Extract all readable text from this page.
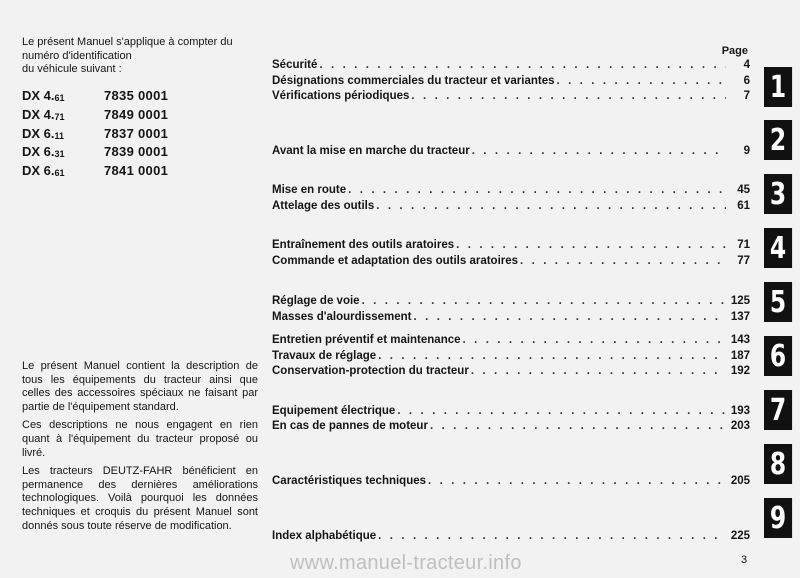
Le présent Manuel s'applique à compter du
numéro d'identification
du véhicule suivant :
DX $4._{61}$	7835 0001
DX $4._{71}$	7849 0001
DX $6._{11}$	7837 0001
DX $6._{31}$	7839 0001
DX $6._{61}$	7841 0001

Le présent Manuel contient la description de tous les équipements du tracteur ainsi que celles des accessoires spéciaux ne faisant par partie de l'équipement standard.

Ces descriptions ne nous engagent en rien quant à l'équipement du tracteur proposé ou livré.

Les tracteurs DEUTZ-FAHR bénéficient en permanence des dernières améliorations technologiques. Voilà pourquoi les données techniques et croquis du présent Manuel sont donnés sous toute réserve de modification.

Page
Sécurité . . .	4
Désignations commerciales du tracteur et variantes . . .	6
Vérifications périodiques . . .	7
Avant la mise en marche du tracteur . . .	9
Mise en route . . .	45
Attelage des outils . . .	61
Entraînement des outils aratoires . . .	71
Commande et adaptation des outils aratoires . . .	77
Réglage de voie . . .	125
Masses d'alourdissement . . .	137
Entretien préventif et maintenance . . .	143
Travaux de réglage . . .	187
Conservation-protection du tracteur . . .	192
Equipement électrique . . .	193
En cas de pannes de moteur . . .	203
Caractéristiques techniques . . .	205
Index alphabétique . . .	225
1
2
3
4
5
6
7
8
9
www.manuel-tracteur.info	3
